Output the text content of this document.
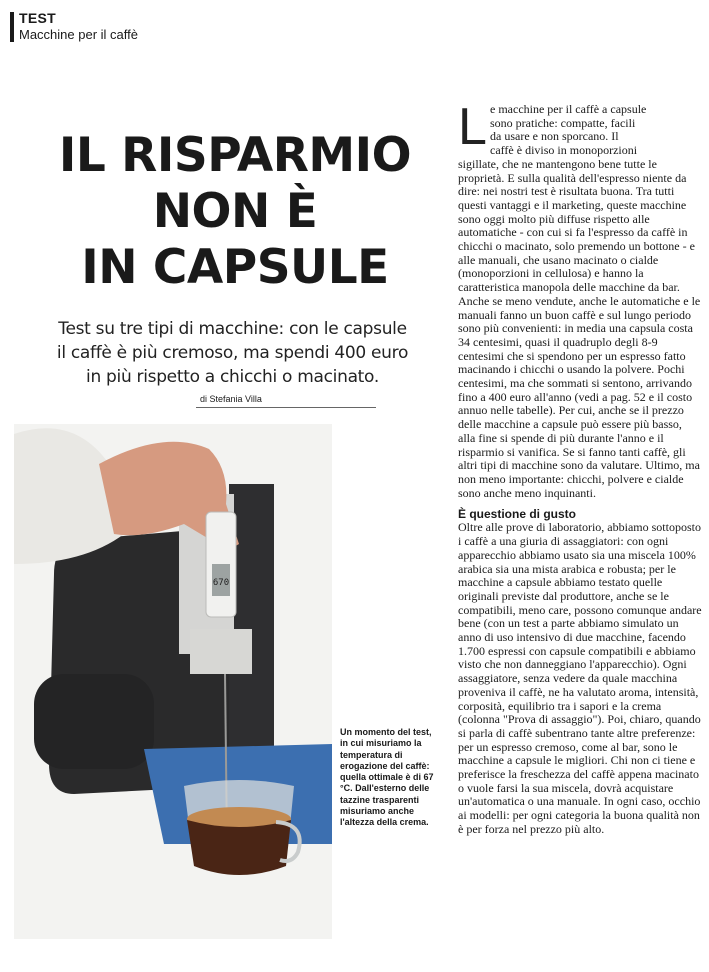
TEST
Macchine per il caffè
IL RISPARMIO
NON È
IN CAPSULE
Test su tre tipi di macchine: con le capsule
il caffè è più cremoso, ma spendi 400 euro
in più rispetto a chicchi o macinato.
di Stefania Villa
670
Un momento del test, in cui misuriamo la temperatura di erogazione del caffè: quella ottimale è di 67 °C. Dall'esterno delle tazzine trasparenti misuriamo anche l'altezza della crema.
L e macchine per il caffè a capsule
sono pratiche: compatte, facili
da usare e non sporcano. Il
caffè è diviso in monoporzioni
sigillate, che ne mantengono bene tutte le proprietà. E sulla qualità dell'espresso niente da dire: nei nostri test è risultata buona. Tra tutti questi vantaggi e il marketing, queste macchine sono oggi molto più diffuse rispetto alle automatiche - con cui si fa l'espresso da caffè in chicchi o macinato, solo premendo un bottone - e alle manuali, che usano macinato o cialde (monoporzioni in cellulosa) e hanno la caratteristica manopola delle macchine da bar. Anche se meno vendute, anche le automatiche e le manuali fanno un buon caffè e sul lungo periodo sono più convenienti: in media una capsula costa 34 centesimi, quasi il quadruplo degli 8-9 centesimi che si spendono per un espresso fatto macinando i chicchi o usando la polvere. Pochi centesimi, ma che sommati si sentono, arrivando fino a 400 euro all'anno (vedi a pag. 52 e il costo annuo nelle tabelle). Per cui, anche se il prezzo delle macchine a capsule può essere più basso, alla fine si spende di più durante l'anno e il risparmio si vanifica. Se si fanno tanti caffè, gli altri tipi di macchine sono da valutare. Ultimo, ma non meno importante: chicchi, polvere e cialde sono anche meno inquinanti.

È questione di gusto

Oltre alle prove di laboratorio, abbiamo sottoposto i caffè a una giuria di assaggiatori: con ogni apparecchio abbiamo usato sia una miscela 100% arabica sia una mista arabica e robusta; per le macchine a capsule abbiamo testato quelle originali previste dal produttore, anche se le compatibili, meno care, possono comunque andare bene (con un test a parte abbiamo simulato un anno di uso intensivo di due macchine, facendo 1.700 espressi con capsule compatibili e abbiamo visto che non danneggiano l'apparecchio). Ogni assaggiatore, senza vedere da quale macchina proveniva il caffè, ne ha valutato aroma, intensità, corposità, equilibrio tra i sapori e la crema (colonna "Prova di assaggio"). Poi, chiaro, quando si parla di caffè subentrano tante altre preferenze: per un espresso cremoso, come al bar, sono le macchine a capsule le migliori. Chi non ci tiene e preferisce la freschezza del caffè appena macinato o vuole farsi la sua miscela, dovrà acquistare un'automatica o una manuale. In ogni caso, occhio ai modelli: per ogni categoria la buona qualità non è per forza nel prezzo più alto.
